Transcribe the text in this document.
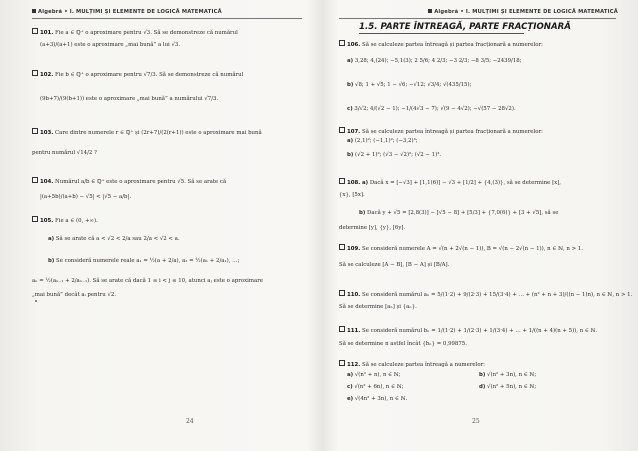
Algebră • I. MULȚIMI ȘI ELEMENTE DE LOGICĂ MATEMATICĂ
101. Fie a ∈ ℚ⁺ o aproximare pentru √3. Să se demonstreze că numărul
(a+3)/(a+1) este o aproximare „mai bună” a lui √3.
102. Fie b ∈ ℚ⁺ o aproximare pentru √7/3. Să se demonstreze că numărul
(9b+7)/(9(b+1)) este o aproximare „mai bună” a numărului √7/3.
103. Care dintre numerele r ∈ ℚ⁺ și (2r+7)/(2(r+1)) este o aproximare mai bună
pentru numărul √14/2 ?
104. Numărul a/b ∈ ℚ⁺ este o aproximare pentru √5. Să se arate că
|(a+5b)/(a+b) − √5| < |√5 − a/b|.
105. Fie a ∈ (0, +∞).
a) Să se arate că a < √2 < 2/a sau 2/a < √2 < a.
b) Se consideră numerele reale a₁ = ½(a + 2/a), a₂ = ½(a₁ + 2/a₁), …;
aₙ = ½(aₙ₋₁ + 2/aₙ₋₁). Să se arate că dacă 1 ≤ i < j ≤ 10, atunci aⱼ este o aproximare
„mai bună” decât aᵢ pentru √2.
24
Algebră • I. MULȚIMI ȘI ELEMENTE DE LOGICĂ MATEMATICĂ
1.5. PARTE ÎNTREAGĂ, PARTE FRACȚIONARĂ
106. Să se calculeze partea întreagă și partea fracționară a numerelor:
a) 3,28; 4,(24); −5,1(3); 2 5/6; 4 2/3; −3 2/3; −8 3/5; −2439/18;
b) √8; 1 + √5; 1 − √6; −√12; √3/4; √(435/15);
c) 3/√2; 4/(√2 − 1); −1/(4√3 − 7); √(9 − 4√2); −√(57 − 28√2).
107. Să se calculeze partea întreagă și partea fracționară a numerelor:
a) (2,1)²; (−1,1)²; (−3,2)³;
b) (√2 + 1)²; (√3 − √2)²; (√2 − 1)³.
108. a) Dacă x = [−√3] + [1,1(6)] − √3 + [1/2] + {4,(3)}, să se determine [x],
{x}, [5x].
b) Dacă y + √5 = [2,8(3)] − [√5 − 8] + [5/3] + {7,0(6)} + [3 + √5], să se
determine [y], {y}, [6y].
109. Se consideră numerele A = √(n + 2√(n − 1)), B = √(n − 2√(n − 1)), n ∈ ℕ, n > 1.
Să se calculeze [A − B], [B − A] și [B/A].
110. Se consideră numărul aₙ = 5/(1·2) + 9/(2·3) + 15/(3·4) + … + (n² + n + 3)/((n − 1)n), n ∈ ℕ, n > 1.
Să se determine [aₙ] și {aₙ}.
111. Se consideră numărul bₙ = 1/(1·2) + 1/(2·3) + 1/(3·4) + … + 1/((n + 4)(n + 5)), n ∈ ℕ.
Să se determine n astfel încât {bₙ} = 0,99875.
112. Să se calculeze partea întreagă a numerelor:
a) √(n² + n), n ∈ ℕ;	b) √(n² + 3n), n ∈ ℕ;
c) √(n² + 6n), n ∈ ℕ;	d) √(n² + 5n), n ∈ ℕ;
e) √(4n² + 3n), n ∈ ℕ.
25
